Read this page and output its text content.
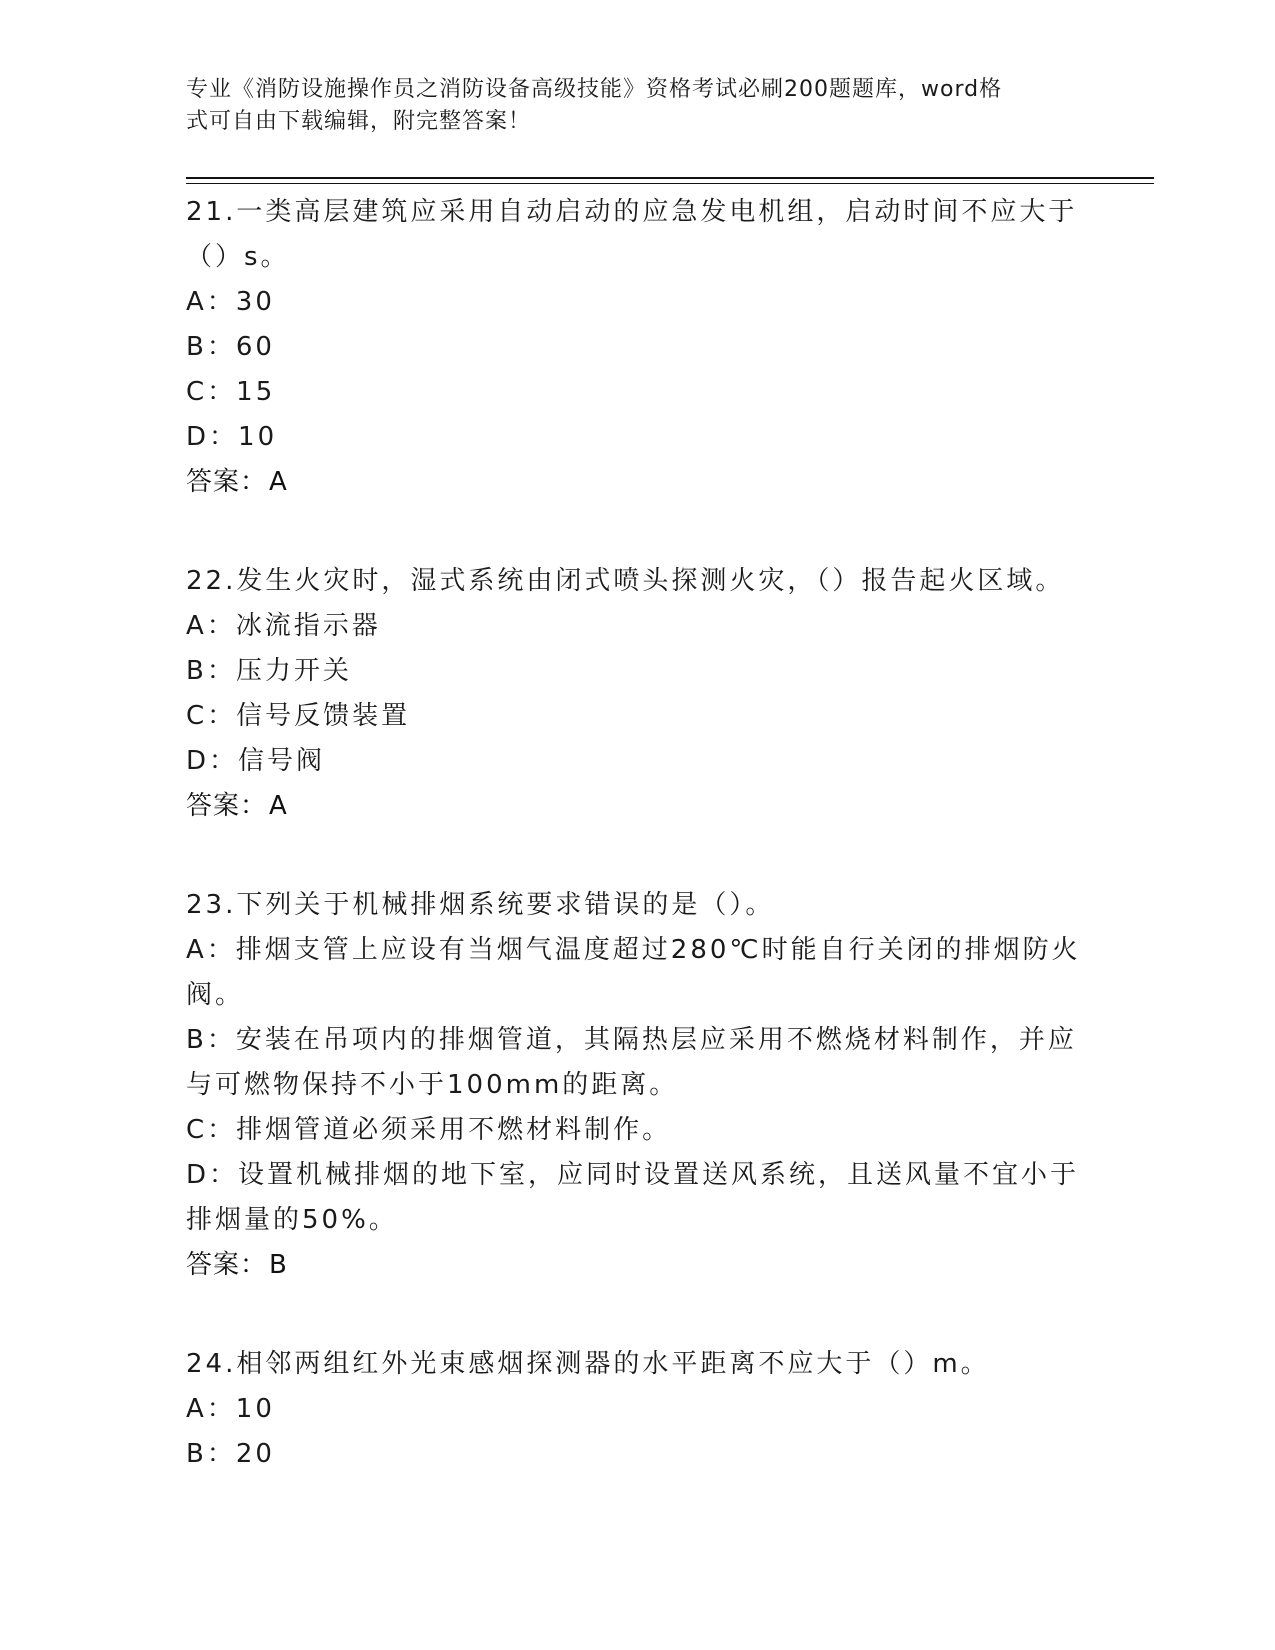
专业《消防设施操作员之消防设备高级技能》资格考试必刷200题题库，word格
式可自由下载编辑，附完整答案！
21.一类高层建筑应采用自动启动的应急发电机组，启动时间不应大于
（）s。
A：30
B：60
C：15
D：10
答案：A
22.发生火灾时，湿式系统由闭式喷头探测火灾，（）报告起火区域。
A：冰流指示器
B：压力开关
C：信号反馈装置
D：信号阀
答案：A
23.下列关于机械排烟系统要求错误的是（）。
A：排烟支管上应设有当烟气温度超过280℃时能自行关闭的排烟防火
阀。
B：安装在吊项内的排烟管道，其隔热层应采用不燃烧材料制作，并应
与可燃物保持不小于100mm的距离。
C：排烟管道必须采用不燃材料制作。
D：设置机械排烟的地下室，应同时设置送风系统，且送风量不宜小于
排烟量的50%。
答案：B
24.相邻两组红外光束感烟探测器的水平距离不应大于（）m。
A：10
B：20
